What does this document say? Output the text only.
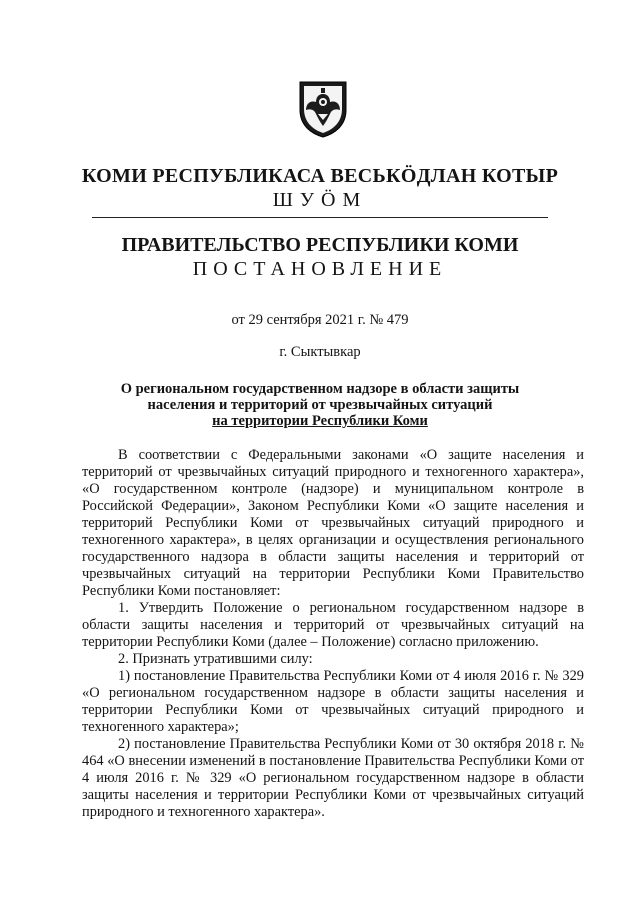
КОМИ РЕСПУБЛИКАСА ВЕСЬКÖДЛАН КОТЫР
ШУÖМ
ПРАВИТЕЛЬСТВО РЕСПУБЛИКИ КОМИ
ПОСТАНОВЛЕНИЕ
от 29 сентября 2021 г. № 479
г. Сыктывкар
О региональном государственном надзоре в области защиты
населения и территорий от чрезвычайных ситуаций
на территории Республики Коми

В соответствии с Федеральными законами «О защите населения и территорий от чрезвычайных ситуаций природного и техногенного характера», «О государственном контроле (надзоре) и муниципальном контроле в Российской Федерации», Законом Республики Коми «О защите населения и территорий Республики Коми от чрезвычайных ситуаций природного и техногенного характера», в целях организации и осуществления регионального государственного надзора в области защиты населения и территорий от чрезвычайных ситуаций на территории Республики Коми Правительство Республики Коми постановляет:

1. Утвердить Положение о региональном государственном надзоре в области защиты населения и территорий от чрезвычайных ситуаций на территории Республики Коми (далее – Положение) согласно приложению.

2. Признать утратившими силу:

1) постановление Правительства Республики Коми от 4 июля 2016 г. № 329 «О региональном государственном надзоре в области защиты населения и территории Республики Коми от чрезвычайных ситуаций природного и техногенного характера»;

2) постановление Правительства Республики Коми от 30 октября 2018 г. № 464 «О внесении изменений в постановление Правительства Республики Коми от 4 июля 2016 г. № 329 «О региональном государственном надзоре в области защиты населения и территории Республики Коми от чрезвычайных ситуаций природного и техногенного характера».
